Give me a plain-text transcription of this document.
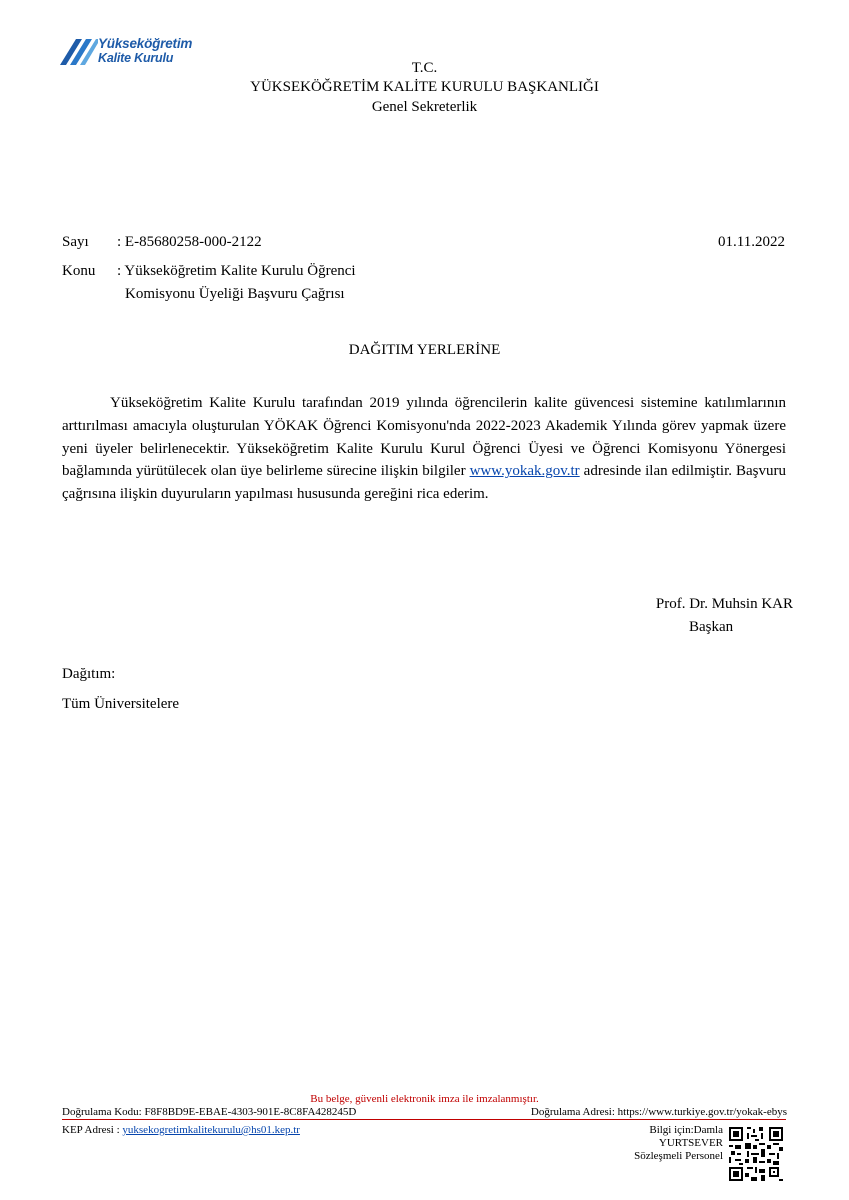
Yükseköğretim
Kalite Kurulu
T.C.
YÜKSEKÖĞRETİM KALİTE KURULU BAŞKANLIĞI
Genel Sekreterlik
Sayı : E-85680258-000-2122	01.11.2022
Konu : Yükseköğretim Kalite Kurulu Öğrenci
Komisyonu Üyeliği Başvuru Çağrısı
DAĞITIM YERLERİNE
Yükseköğretim Kalite Kurulu tarafından 2019 yılında öğrencilerin kalite güvencesi sistemine katılımlarının arttırılması amacıyla oluşturulan YÖKAK Öğrenci Komisyonu'nda 2022-2023 Akademik Yılında görev yapmak üzere yeni üyeler belirlenecektir. Yükseköğretim Kalite Kurulu Kurul Öğrenci Üyesi ve Öğrenci Komisyonu Yönergesi bağlamında yürütülecek olan üye belirleme sürecine ilişkin bilgiler www.yokak.gov.tr adresinde ilan edilmiştir. Başvuru çağrısına ilişkin duyuruların yapılması hususunda gereğini rica ederim.
Prof. Dr. Muhsin KAR
Başkan
Dağıtım:
Tüm Üniversitelere
Bu belge, güvenli elektronik imza ile imzalanmıştır.
Doğrulama Kodu: F8F8BD9E-EBAE-4303-901E-8C8FA428245D	Doğrulama Adresi: https://www.turkiye.gov.tr/yokak-ebys
KEP Adresi : yuksekogretimkalitekurulu@hs01.kep.tr	Bilgi için:Damla
YURTSEVER
Sözleşmeli Personel
